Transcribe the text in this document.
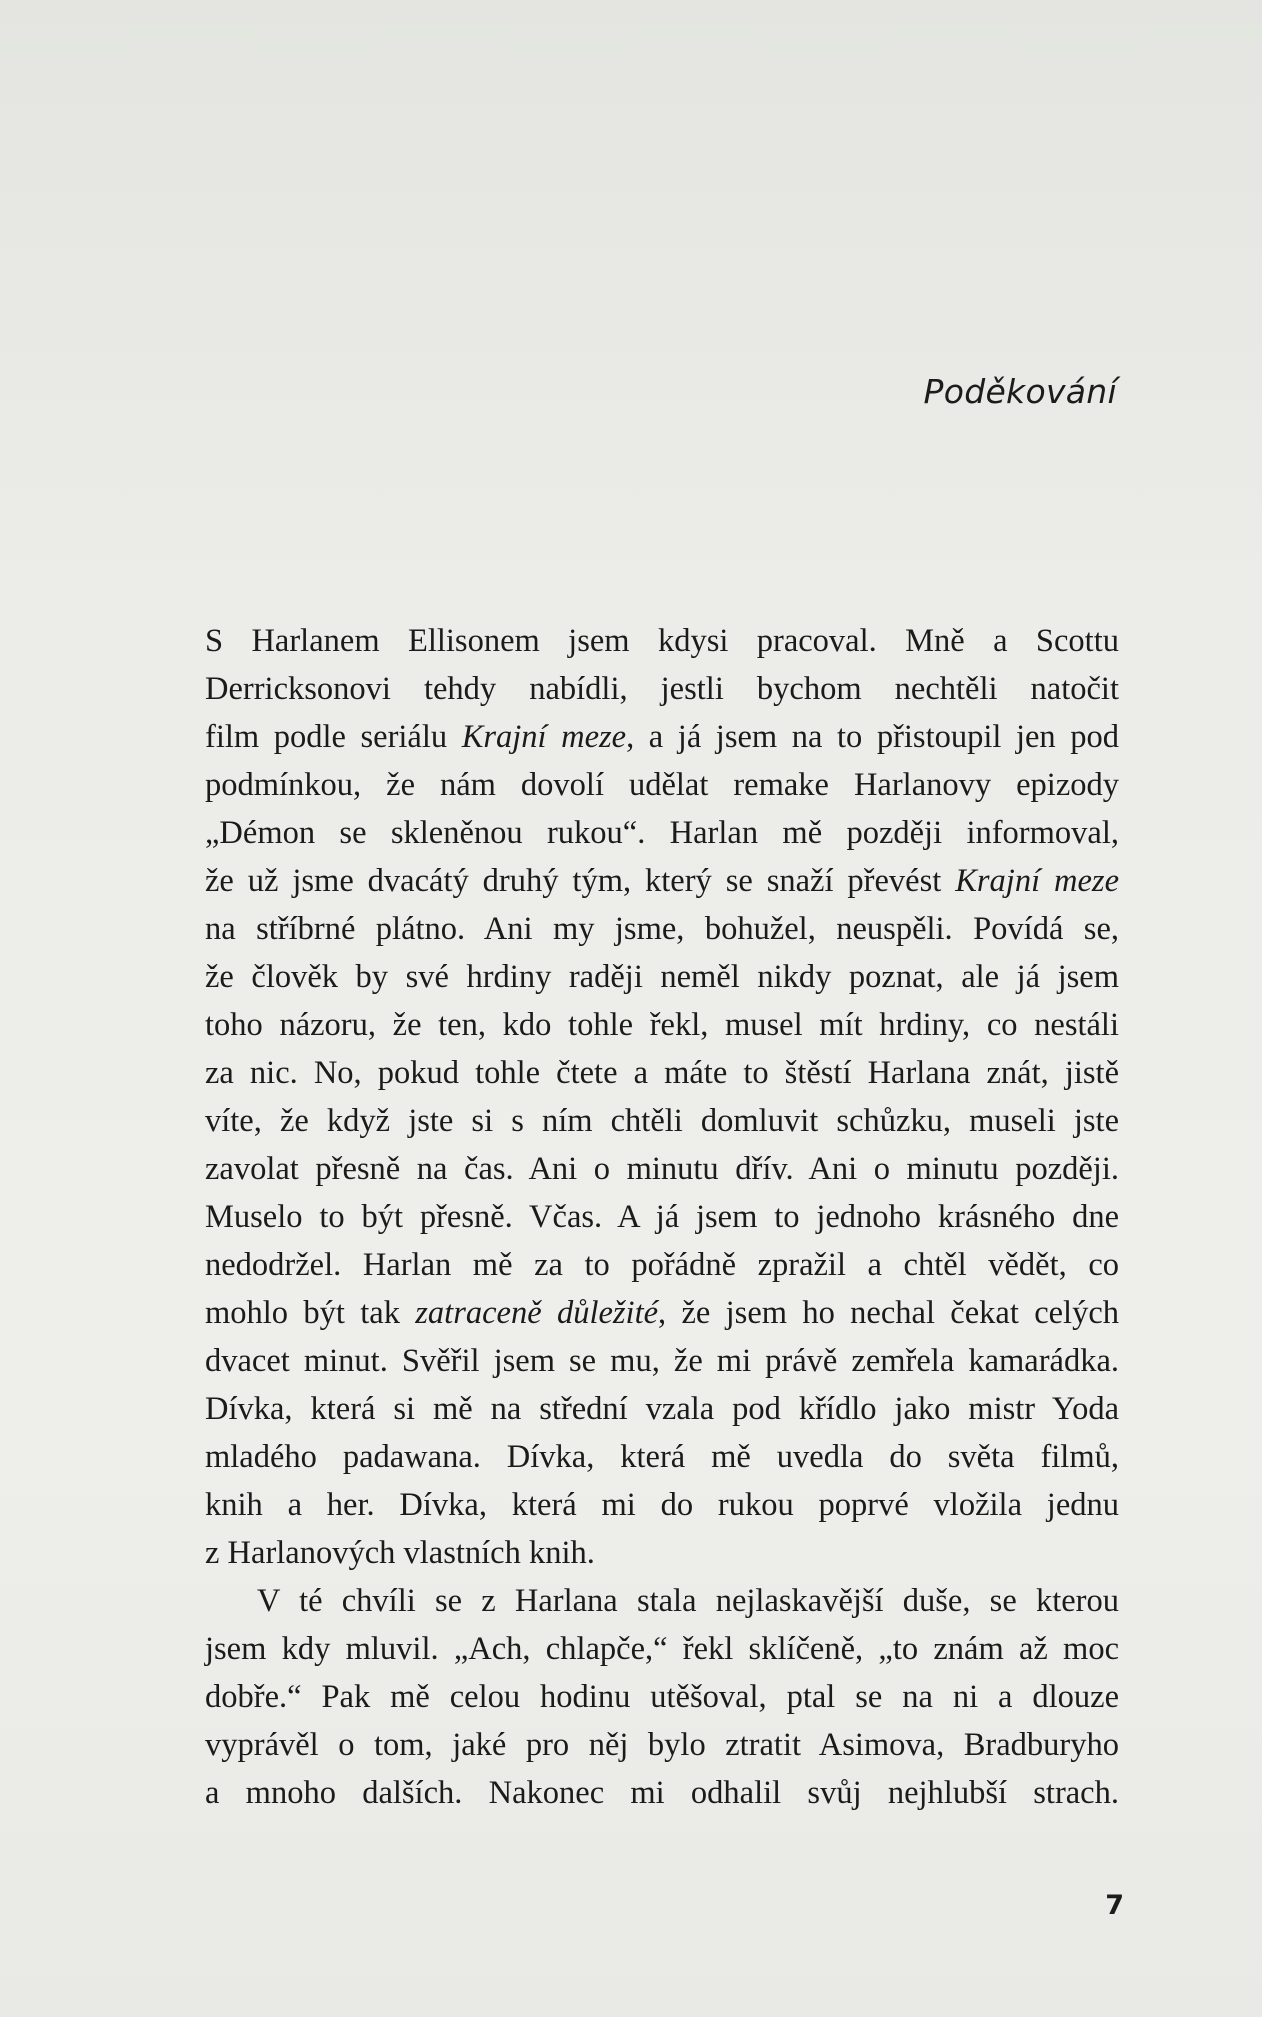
Poděkování
S Harlanem Ellisonem jsem kdysi pracoval. Mně a Scottu
Derricksonovi tehdy nabídli, jestli bychom nechtěli natočit
film podle seriálu Krajní meze, a já jsem na to přistoupil jen pod
podmínkou, že nám dovolí udělat remake Harlanovy epizody
„Démon se skleněnou rukou“. Harlan mě později informoval,
že už jsme dvacátý druhý tým, který se snaží převést Krajní meze
na stříbrné plátno. Ani my jsme, bohužel, neuspěli. Povídá se,
že člověk by své hrdiny raději neměl nikdy poznat, ale já jsem
toho názoru, že ten, kdo tohle řekl, musel mít hrdiny, co nestáli
za nic. No, pokud tohle čtete a máte to štěstí Harlana znát, jistě
víte, že když jste si s ním chtěli domluvit schůzku, museli jste
zavolat přesně na čas. Ani o minutu dřív. Ani o minutu později.
Muselo to být přesně. Včas. A já jsem to jednoho krásného dne
nedodržel. Harlan mě za to pořádně zpražil a chtěl vědět, co
mohlo být tak zatraceně důležité, že jsem ho nechal čekat celých
dvacet minut. Svěřil jsem se mu, že mi právě zemřela kamarádka.
Dívka, která si mě na střední vzala pod křídlo jako mistr Yoda
mladého padawana. Dívka, která mě uvedla do světa filmů,
knih a her. Dívka, která mi do rukou poprvé vložila jednu
z Harlanových vlastních knih.
V té chvíli se z Harlana stala nejlaskavější duše, se kterou
jsem kdy mluvil. „Ach, chlapče,“ řekl sklíčeně, „to znám až moc
dobře.“ Pak mě celou hodinu utěšoval, ptal se na ni a dlouze
vyprávěl o tom, jaké pro něj bylo ztratit Asimova, Bradburyho
a mnoho dalších. Nakonec mi odhalil svůj nejhlubší strach.
7
